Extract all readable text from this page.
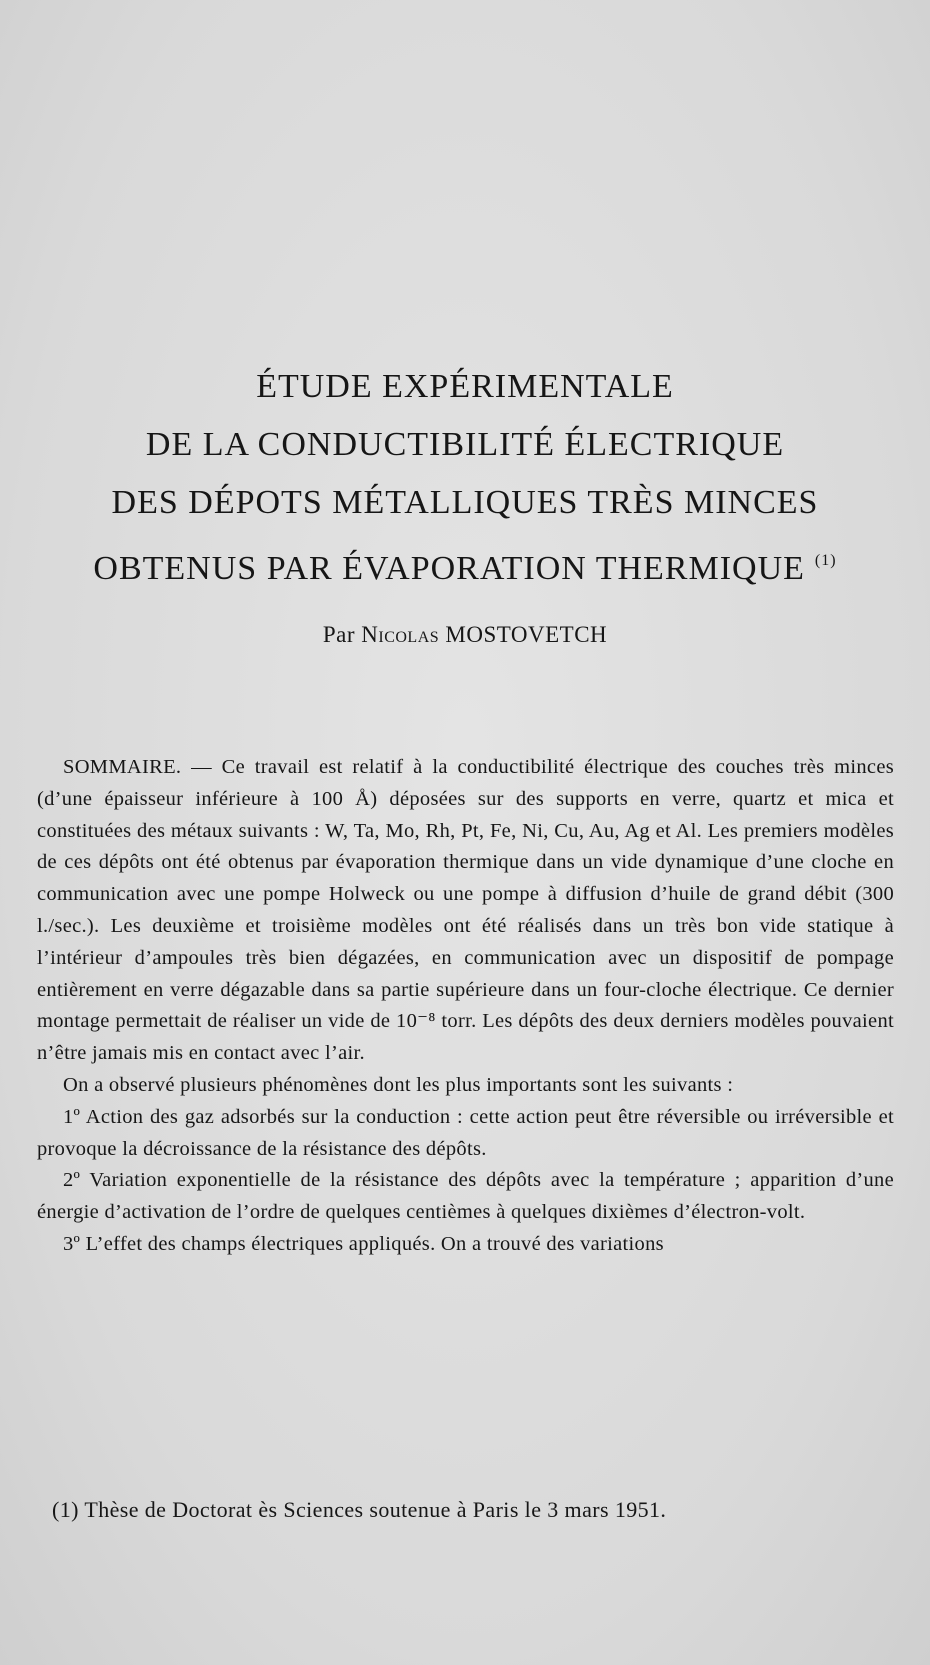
ÉTUDE EXPÉRIMENTALE
DE LA CONDUCTIBILITÉ ÉLECTRIQUE
DES DÉPOTS MÉTALLIQUES TRÈS MINCES
OBTENUS PAR ÉVAPORATION THERMIQUE $^{(1)}$
Par Nicolas MOSTOVETCH

SOMMAIRE. — Ce travail est relatif à la conductibilité électrique des couches très minces (d’une épaisseur inférieure à 100 Å) déposées sur des supports en verre, quartz et mica et constituées des métaux suivants : W, Ta, Mo, Rh, Pt, Fe, Ni, Cu, Au, Ag et Al. Les premiers modèles de ces dépôts ont été obtenus par évaporation thermique dans un vide dynamique d’une cloche en communication avec une pompe Holweck ou une pompe à diffusion d’huile de grand débit (300 l./sec.). Les deuxième et troisième modèles ont été réalisés dans un très bon vide statique à l’intérieur d’ampoules très bien dégazées, en communication avec un dispositif de pompage entièrement en verre dégazable dans sa partie supérieure dans un four-cloche électrique. Ce dernier montage permettait de réaliser un vide de 10⁻⁸ torr. Les dépôts des deux derniers modèles pouvaient n’être jamais mis en contact avec l’air.

On a observé plusieurs phénomènes dont les plus importants sont les suivants :

1º Action des gaz adsorbés sur la conduction : cette action peut être réversible ou irréversible et provoque la décroissance de la résistance des dépôts.

2º Variation exponentielle de la résistance des dépôts avec la température ; apparition d’une énergie d’activation de l’ordre de quelques centièmes à quelques dixièmes d’électron-volt.

3º L’effet des champs électriques appliqués. On a trouvé des variations

(1) Thèse de Doctorat ès Sciences soutenue à Paris le 3 mars 1951.
